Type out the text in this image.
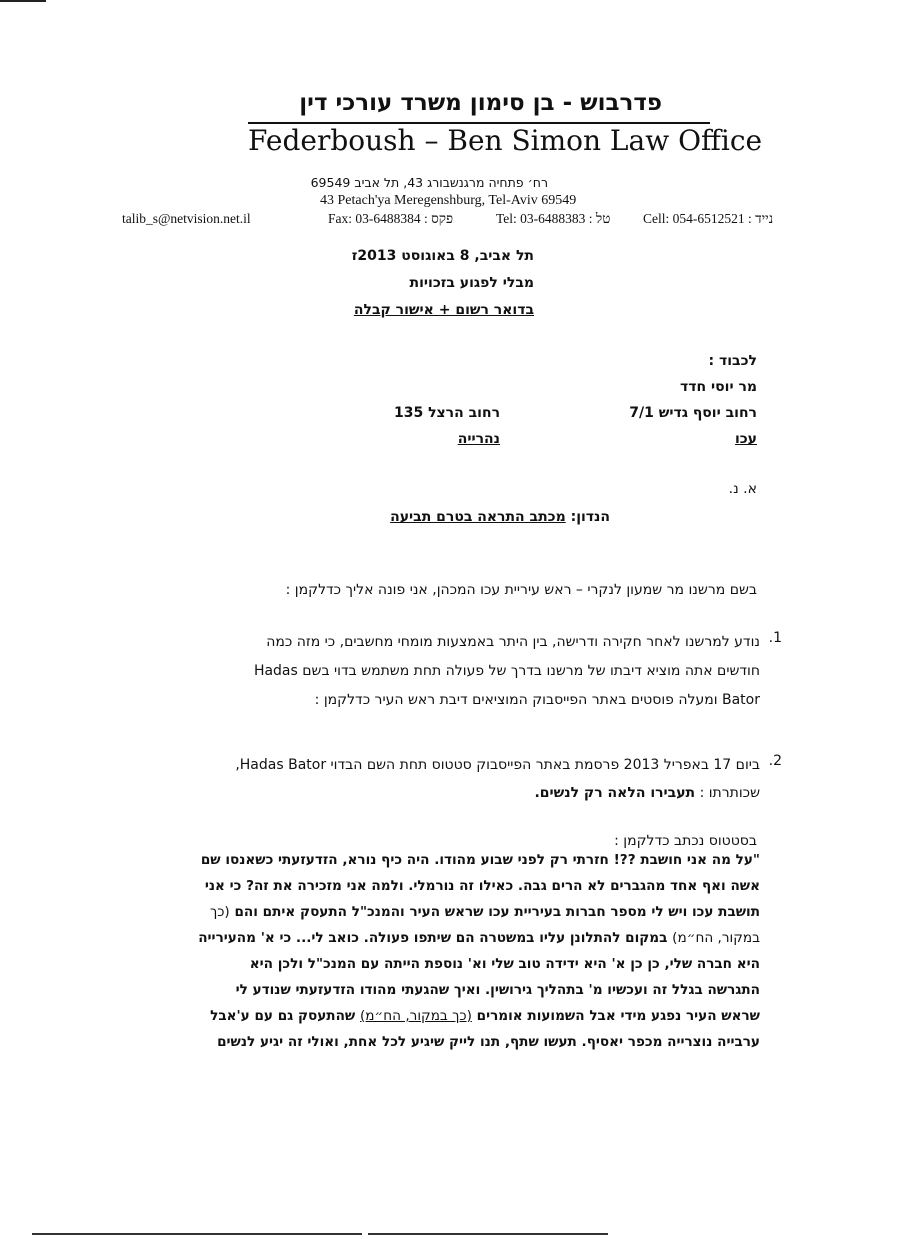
פדרבוש - בן סימון משרד עורכי דין
Federboush – Ben Simon Law Office
רח׳ פתחיה מרגנשבורג 43, תל אביב 69549
43 Petach'ya Meregenshburg, Tel-Aviv 69549
talib_s@netvision.net.il	Fax: 03-6488384 : פקס	Tel: 03-6488383 : טל Cell: 054-6512521 : נייד
תל אביב, 8 באוגוסט 2013ז
מבלי לפגוע בזכויות
בדואר רשום + אישור קבלה
לכבוד :
מר יוסי חדד
רחוב יוסף גדיש 7/1
עכו
רחוב הרצל 135
נהרייה
א. נ.
הנדון: מכתב התראה בטרם תביעה
בשם מרשנו מר שמעון לנקרי – ראש עיריית עכו המכהן, אני פונה אליך כדלקמן :
1.
נודע למרשנו לאחר חקירה ודרישה, בין היתר באמצעות מומחי מחשבים, כי מזה כמה
חודשים אתה מוציא דיבתו של מרשנו בדרך של פעולה תחת משתמש בדוי בשם Hadas
Bator ומעלה פוסטים באתר הפייסבוק המוציאים דיבת ראש העיר כדלקמן :
2.
ביום 17 באפריל 2013 פרסמת באתר הפייסבוק סטטוס תחת השם הבדוי Hadas Bator,
שכותרתו : תעבירו הלאה רק לנשים.
בסטטוס נכתב כדלקמן :

"על מה אני חושבת ??! חזרתי רק לפני שבוע מהודו. היה כיף נורא, הזדעזעתי כשאנסו שם

אשה ואף אחד מהגברים לא הרים גבה. כאילו זה נורמלי. ולמה אני מזכירה את זה? כי אני

תושבת עכו ויש לי מספר חברות בעיריית עכו שראש העיר והמנכ"ל התעסק איתם והם (כך

במקור, הח״מ) במקום להתלונן עליו במשטרה הם שיתפו פעולה. כואב לי... כי א' מהעירייה

היא חברה שלי, כן כן א' היא ידידה טוב שלי וא' נוספת הייתה עם המנכ"ל ולכן היא

התגרשה בגלל זה ועכשיו מ' בתהליך גירושין. ואיך שהגעתי מהודו הזדעזעתי שנודע לי

שראש העיר נפגע מידי אבל השמועות אומרים (כך במקור, הח״מ) שהתעסק גם עם ע'אבל

ערבייה נוצרייה מכפר יאסיף. תעשו שתף, תנו לייק שיגיע לכל אחת, ואולי זה יגיע לנשים
